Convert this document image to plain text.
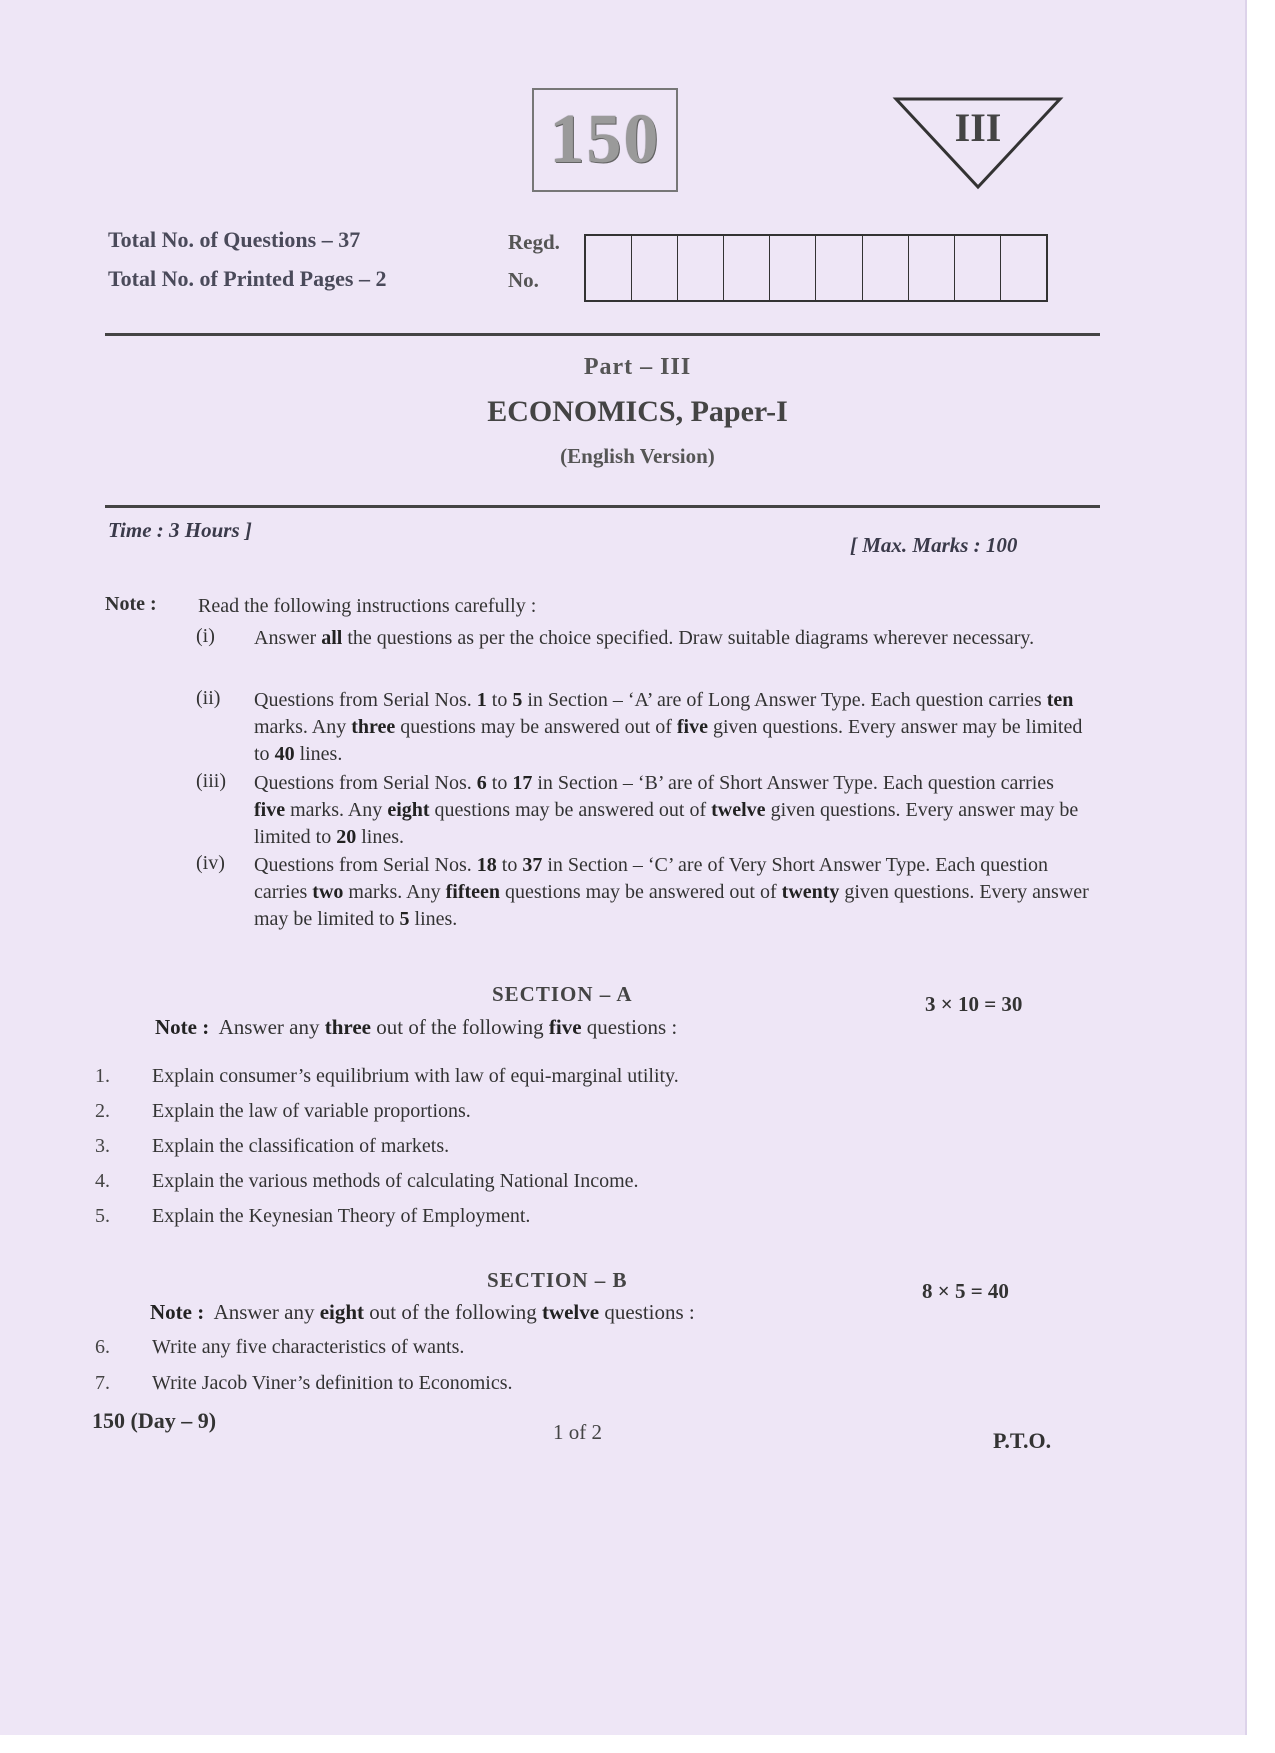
150	III
Total No. of Questions – 37
Total No. of Printed Pages – 2
Regd.
No.
Part – III
ECONOMICS, Paper-I
(English Version)
Time : 3 Hours ]
[ Max. Marks : 100
Note : Read the following instructions carefully :
(i) Answer all the questions as per the choice specified. Draw suitable diagrams wherever necessary.
(ii) Questions from Serial Nos. 1 to 5 in Section – ‘A’ are of Long Answer Type. Each question carries ten marks. Any three questions may be answered out of five given questions. Every answer may be limited to 40 lines.
(iii) Questions from Serial Nos. 6 to 17 in Section – ‘B’ are of Short Answer Type. Each question carries five marks. Any eight questions may be answered out of twelve given questions. Every answer may be limited to 20 lines.
(iv) Questions from Serial Nos. 18 to 37 in Section – ‘C’ are of Very Short Answer Type. Each question carries two marks. Any fifteen questions may be answered out of twenty given questions. Every answer may be limited to 5 lines.
SECTION – A	3 × 10 = 30
Note : Answer any three out of the following five questions :
1. Explain consumer’s equilibrium with law of equi-marginal utility.
2. Explain the law of variable proportions.
3. Explain the classification of markets.
4. Explain the various methods of calculating National Income.
5. Explain the Keynesian Theory of Employment.
SECTION – B	8 × 5 = 40
Note : Answer any eight out of the following twelve questions :
6. Write any five characteristics of wants.
7. Write Jacob Viner’s definition to Economics.
150 (Day – 9)	1 of 2	P.T.O.
